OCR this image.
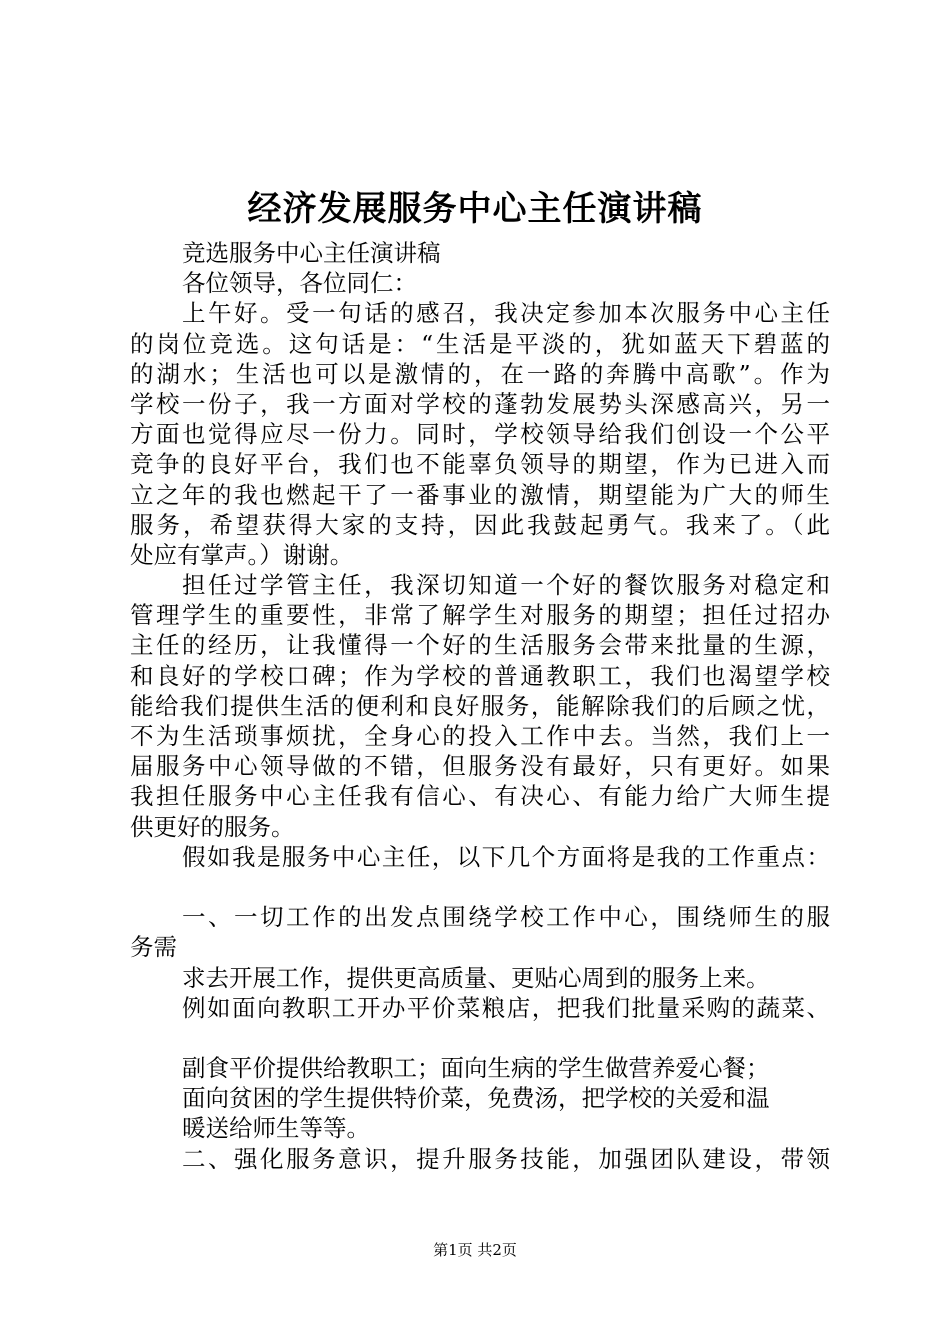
经济发展服务中心主任演讲稿
竞选服务中心主任演讲稿
各位领导，各位同仁：
上午好。受一句话的感召，我决定参加本次服务中心主任
的岗位竞选。这句话是：“生活是平淡的，犹如蓝天下碧蓝的
的湖水；生活也可以是激情的，在一路的奔腾中高歌”。作为
学校一份子，我一方面对学校的蓬勃发展势头深感高兴，另一
方面也觉得应尽一份力。同时，学校领导给我们创设一个公平
竞争的良好平台，我们也不能辜负领导的期望，作为已进入而
立之年的我也燃起干了一番事业的激情，期望能为广大的师生
服务，希望获得大家的支持，因此我鼓起勇气。我来了。（此
处应有掌声。）谢谢。
担任过学管主任，我深切知道一个好的餐饮服务对稳定和
管理学生的重要性，非常了解学生对服务的期望；担任过招办
主任的经历，让我懂得一个好的生活服务会带来批量的生源，
和良好的学校口碑；作为学校的普通教职工，我们也渴望学校
能给我们提供生活的便利和良好服务，能解除我们的后顾之忧，
不为生活琐事烦扰，全身心的投入工作中去。当然，我们上一
届服务中心领导做的不错，但服务没有最好，只有更好。如果
我担任服务中心主任我有信心、有决心、有能力给广大师生提
供更好的服务。
假如我是服务中心主任，以下几个方面将是我的工作重点：
一、一切工作的出发点围绕学校工作中心，围绕师生的服
务需
求去开展工作，提供更高质量、更贴心周到的服务上来。
例如面向教职工开办平价菜粮店，把我们批量采购的蔬菜、
副食平价提供给教职工；面向生病的学生做营养爱心餐；
面向贫困的学生提供特价菜，免费汤，把学校的关爱和温
暖送给师生等等。
二、强化服务意识，提升服务技能，加强团队建设，带领
第1页 共2页
